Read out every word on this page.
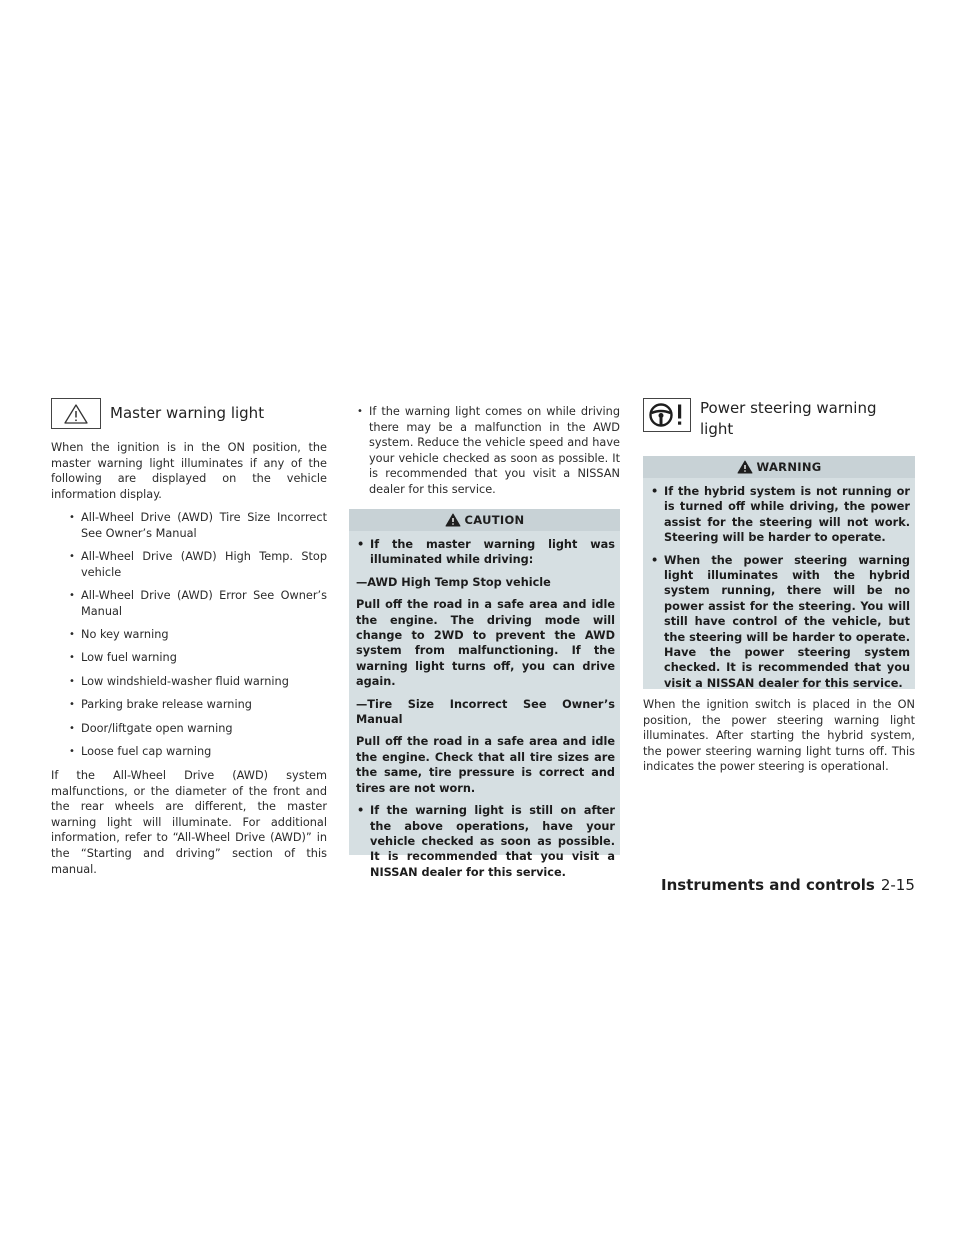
Master warning light

When the ignition is in the ON position, the master warning light illuminates if any of the following are displayed on the vehicle information display.

• All-Wheel Drive (AWD) Tire Size Incorrect See Owner’s Manual
• All-Wheel Drive (AWD) High Temp. Stop vehicle
• All-Wheel Drive (AWD) Error See Owner’s Manual
• No key warning
• Low fuel warning
• Low windshield-washer fluid warning
• Parking brake release warning
• Door/liftgate open warning
• Loose fuel cap warning

If the All-Wheel Drive (AWD) system malfunctions, or the diameter of the front and the rear wheels are different, the master warning light will illuminate. For additional information, refer to “All-Wheel Drive (AWD)” in the “Starting and driving” section of this manual.

• If the warning light comes on while driving there may be a malfunction in the AWD system. Reduce the vehicle speed and have your vehicle checked as soon as possible. It is recommended that you visit a NISSAN dealer for this service.
CAUTION
• If the master warning light was illuminated while driving:

—AWD High Temp Stop vehicle

Pull off the road in a safe area and idle the engine. The driving mode will change to 2WD to prevent the AWD system from malfunctioning. If the warning light turns off, you can drive again.

—Tire Size Incorrect See Owner’s Manual

Pull off the road in a safe area and idle the engine. Check that all tire sizes are the same, tire pressure is correct and tires are not worn.

• If the warning light is still on after the above operations, have your vehicle checked as soon as possible. It is recommended that you visit a NISSAN dealer for this service.
Power steering warning light
WARNING
• If the hybrid system is not running or is turned off while driving, the power assist for the steering will not work. Steering will be harder to operate.
• When the power steering warning light illuminates with the hybrid system running, there will be no power assist for the steering. You will still have control of the vehicle, but the steering will be harder to operate. Have the power steering system checked. It is recommended that you visit a NISSAN dealer for this service.

When the ignition switch is placed in the ON position, the power steering warning light illuminates. After starting the hybrid system, the power steering warning light turns off. This indicates the power steering is operational.

Instruments and controls 2-15
